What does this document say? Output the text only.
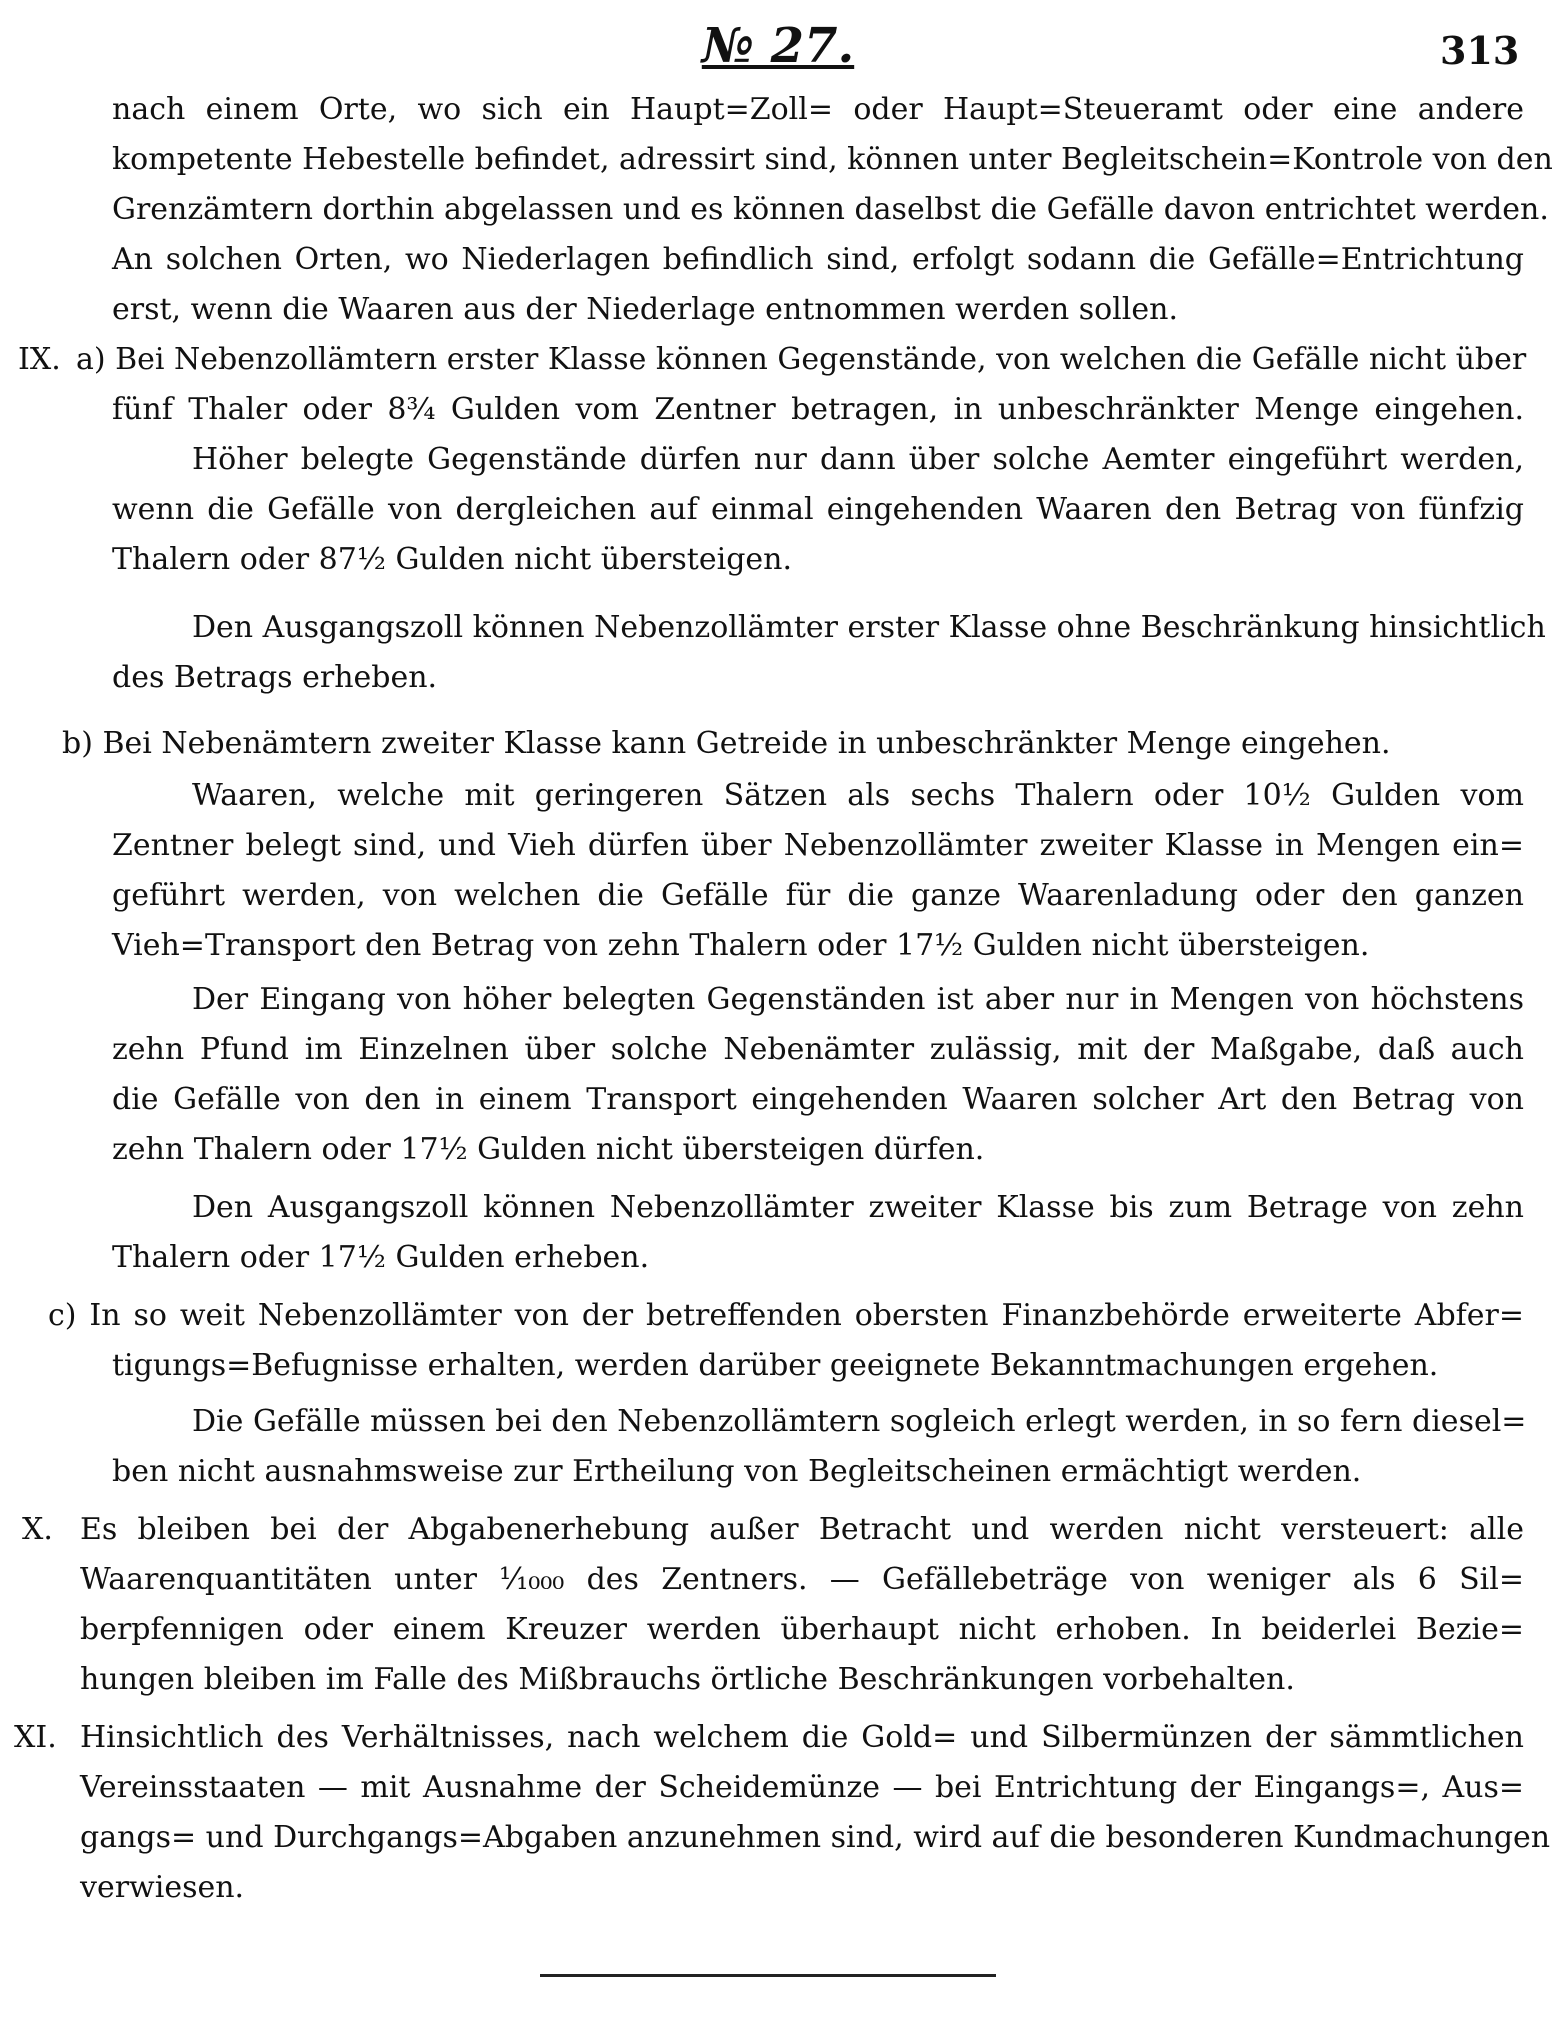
№ 27.	313
nach einem Orte, wo sich ein Haupt=Zoll= oder Haupt=Steueramt oder eine andere
kompetente Hebestelle befindet, adressirt sind, können unter Begleitschein=Kontrole von den
Grenzämtern dorthin abgelassen und es können daselbst die Gefälle davon entrichtet werden.
An solchen Orten, wo Niederlagen befindlich sind, erfolgt sodann die Gefälle=Entrichtung
erst, wenn die Waaren aus der Niederlage entnommen werden sollen.
IX. a) Bei Nebenzollämtern erster Klasse können Gegenstände, von welchen die Gefälle nicht über
fünf Thaler oder 8¾ Gulden vom Zentner betragen, in unbeschränkter Menge eingehen.
Höher belegte Gegenstände dürfen nur dann über solche Aemter eingeführt werden,
wenn die Gefälle von dergleichen auf einmal eingehenden Waaren den Betrag von fünfzig
Thalern oder 87½ Gulden nicht übersteigen.
Den Ausgangszoll können Nebenzollämter erster Klasse ohne Beschränkung hinsichtlich
des Betrags erheben.
b) Bei Nebenämtern zweiter Klasse kann Getreide in unbeschränkter Menge eingehen.
Waaren, welche mit geringeren Sätzen als sechs Thalern oder 10½ Gulden vom
Zentner belegt sind, und Vieh dürfen über Nebenzollämter zweiter Klasse in Mengen ein=
geführt werden, von welchen die Gefälle für die ganze Waarenladung oder den ganzen
Vieh=Transport den Betrag von zehn Thalern oder 17½ Gulden nicht übersteigen.
Der Eingang von höher belegten Gegenständen ist aber nur in Mengen von höchstens
zehn Pfund im Einzelnen über solche Nebenämter zulässig, mit der Maßgabe, daß auch
die Gefälle von den in einem Transport eingehenden Waaren solcher Art den Betrag von
zehn Thalern oder 17½ Gulden nicht übersteigen dürfen.
Den Ausgangszoll können Nebenzollämter zweiter Klasse bis zum Betrage von zehn
Thalern oder 17½ Gulden erheben.
c) In so weit Nebenzollämter von der betreffenden obersten Finanzbehörde erweiterte Abfer=
tigungs=Befugnisse erhalten, werden darüber geeignete Bekanntmachungen ergehen.
Die Gefälle müssen bei den Nebenzollämtern sogleich erlegt werden, in so fern diesel=
ben nicht ausnahmsweise zur Ertheilung von Begleitscheinen ermächtigt werden.
X. Es bleiben bei der Abgabenerhebung außer Betracht und werden nicht versteuert: alle
Waarenquantitäten unter ¹⁄₁₀₀₀ des Zentners. — Gefällebeträge von weniger als 6 Sil=
berpfennigen oder einem Kreuzer werden überhaupt nicht erhoben. In beiderlei Bezie=
hungen bleiben im Falle des Mißbrauchs örtliche Beschränkungen vorbehalten.
XI. Hinsichtlich des Verhältnisses, nach welchem die Gold= und Silbermünzen der sämmtlichen
Vereinsstaaten — mit Ausnahme der Scheidemünze — bei Entrichtung der Eingangs=, Aus=
gangs= und Durchgangs=Abgaben anzunehmen sind, wird auf die besonderen Kundmachungen
verwiesen.
